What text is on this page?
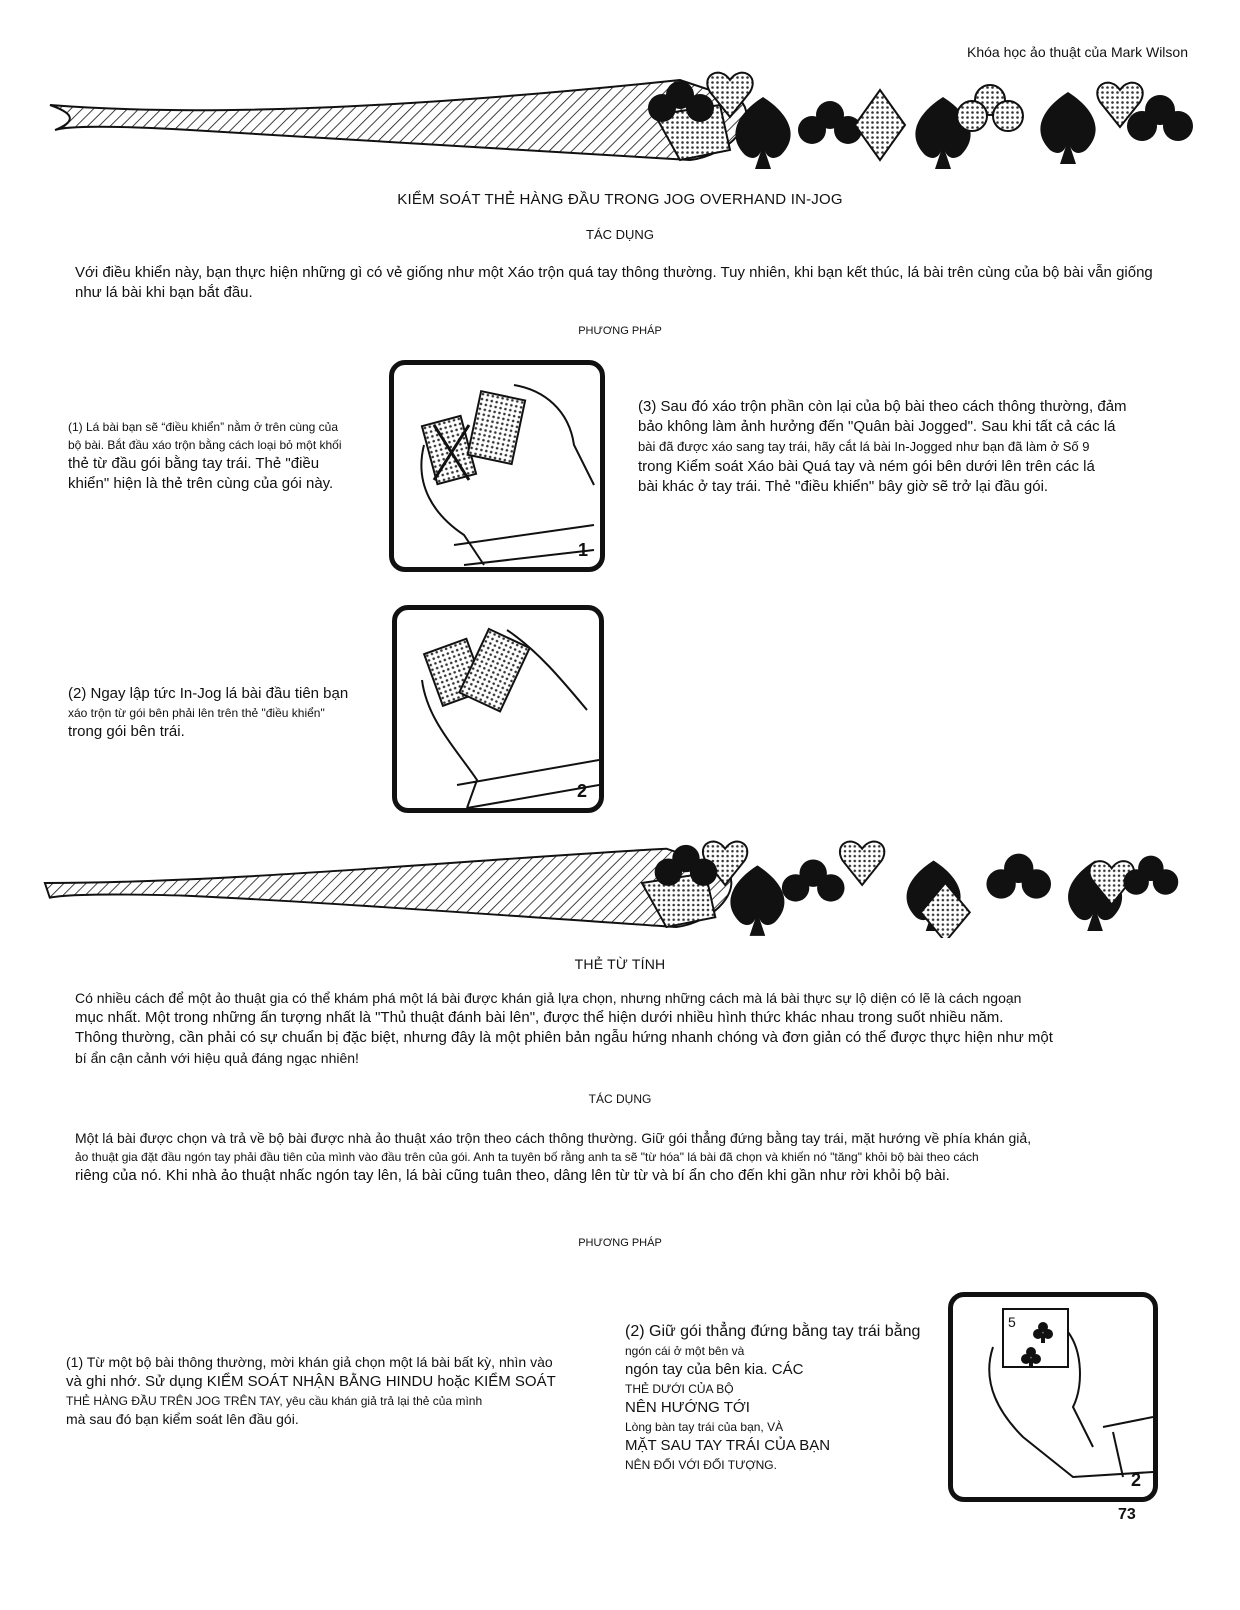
Khóa học ảo thuật của Mark Wilson
KIỂM SOÁT THẺ HÀNG ĐẦU TRONG JOG OVERHAND IN-JOG
TÁC DỤNG
Với điều khiển này, bạn thực hiện những gì có vẻ giống như một Xáo trộn quá tay thông thường. Tuy nhiên, khi bạn kết thúc, lá bài trên cùng của bộ bài vẫn giống như lá bài khi bạn bắt đầu.
PHƯƠNG PHÁP
(1) Lá bài bạn sẽ “điều khiển” nằm ở trên cùng của
bộ bài. Bắt đầu xáo trộn bằng cách loại bỏ một khối
thẻ từ đầu gói bằng tay trái. Thẻ "điều
khiển" hiện là thẻ trên cùng của gói này.
1
(3) Sau đó xáo trộn phần còn lại của bộ bài theo cách thông thường, đảm
bảo không làm ảnh hưởng đến "Quân bài Jogged". Sau khi tất cả các lá
bài đã được xáo sang tay trái, hãy cắt lá bài In-Jogged như bạn đã làm ở Số 9
trong Kiểm soát Xáo bài Quá tay và ném gói bên dưới lên trên các lá
bài khác ở tay trái. Thẻ "điều khiển" bây giờ sẽ trở lại đầu gói.
2
(2) Ngay lập tức In-Jog lá bài đầu tiên bạn
xáo trộn từ gói bên phải lên trên thẻ "điều khiển"
trong gói bên trái.
THẺ TỪ TÍNH
Có nhiều cách để một ảo thuật gia có thể khám phá một lá bài được khán giả lựa chọn, nhưng những cách mà lá bài thực sự lộ diện có lẽ là cách ngoạn
mục nhất. Một trong những ấn tượng nhất là "Thủ thuật đánh bài lên", được thể hiện dưới nhiều hình thức khác nhau trong suốt nhiều năm.
Thông thường, cần phải có sự chuẩn bị đặc biệt, nhưng đây là một phiên bản ngẫu hứng nhanh chóng và đơn giản có thể được thực hiện như một
bí ẩn cận cảnh với hiệu quả đáng ngạc nhiên!
TÁC DỤNG
Một lá bài được chọn và trả về bộ bài được nhà ảo thuật xáo trộn theo cách thông thường. Giữ gói thẳng đứng bằng tay trái, mặt hướng về phía khán giả,
ảo thuật gia đặt đầu ngón tay phải đầu tiên của mình vào đầu trên của gói. Anh ta tuyên bố rằng anh ta sẽ "từ hóa" lá bài đã chọn và khiến nó "tăng" khỏi bộ bài theo cách
riêng của nó. Khi nhà ảo thuật nhấc ngón tay lên, lá bài cũng tuân theo, dâng lên từ từ và bí ẩn cho đến khi gần như rời khỏi bộ bài.
PHƯƠNG PHÁP
(1) Từ một bộ bài thông thường, mời khán giả chọn một lá bài bất kỳ, nhìn vào
và ghi nhớ. Sử dụng KIỂM SOÁT NHẬN BẰNG HINDU hoặc KIỂM SOÁT
THẺ HÀNG ĐẦU TRÊN JOG TRÊN TAY, yêu cầu khán giả trả lại thẻ của mình
mà sau đó bạn kiểm soát lên đầu gói.
(2) Giữ gói thẳng đứng bằng tay trái bằng
ngón cái ở một bên và
ngón tay của bên kia. CÁC
THẺ DƯỚI CỦA BỘ
NÊN HƯỚNG TỚI
Lòng bàn tay trái của bạn, VÀ
MẶT SAU TAY TRÁI CỦA BẠN
NÊN ĐỐI VỚI ĐỐI TƯỢNG.
5
2
73
